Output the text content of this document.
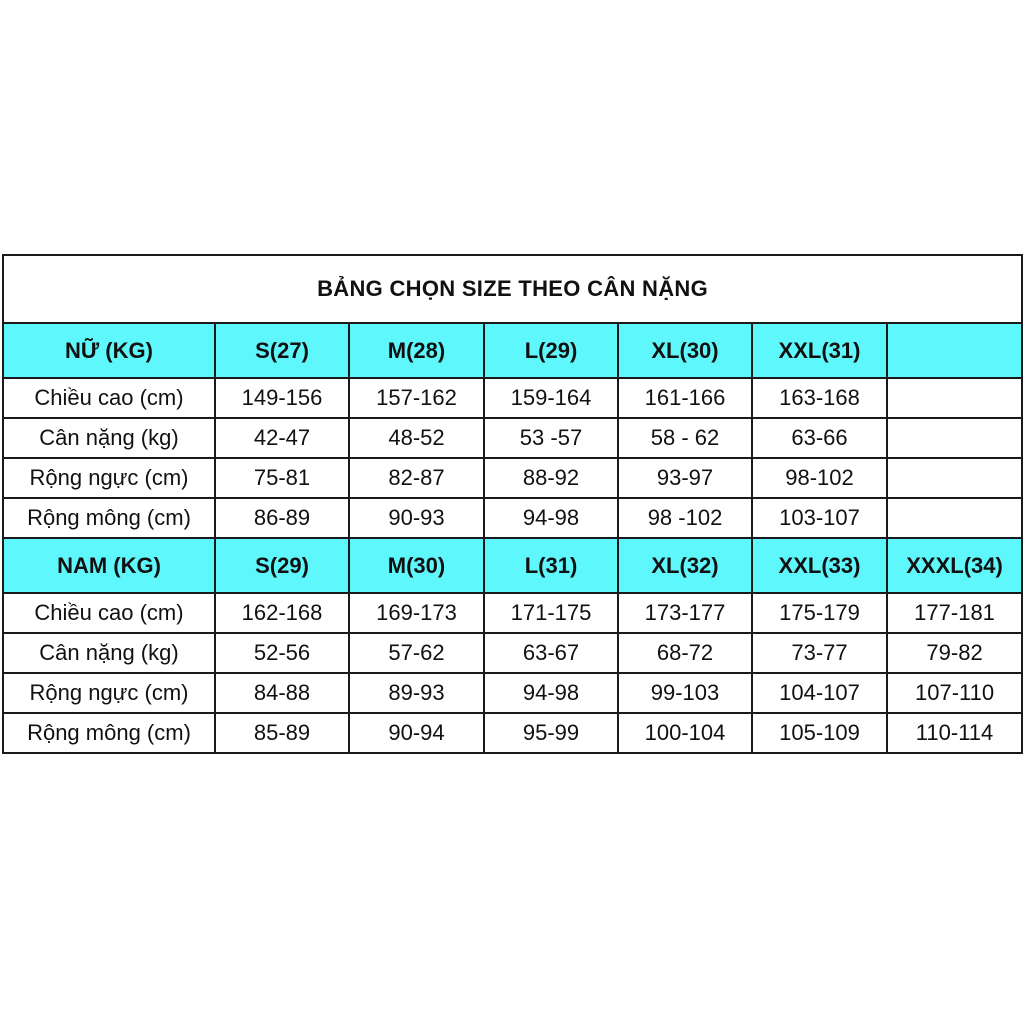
BẢNG CHỌN SIZE THEO CÂN NẶNG						
NỮ (KG)	S(27)	M(28)	L(29)	XL(30)	XXL(31)	
Chiều cao (cm)	149-156	157-162	159-164	161-166	163-168	
Cân nặng (kg)	42-47	48-52	53 -57	58 - 62	63-66	
Rộng ngực (cm)	75-81	82-87	88-92	93-97	98-102	
Rộng mông (cm)	86-89	90-93	94-98	98 -102	103-107	
NAM (KG)	S(29)	M(30)	L(31)	XL(32)	XXL(33)	XXXL(34)
Chiều cao (cm)	162-168	169-173	171-175	173-177	175-179	177-181
Cân nặng (kg)	52-56	57-62	63-67	68-72	73-77	79-82
Rộng ngực (cm)	84-88	89-93	94-98	99-103	104-107	107-110
Rộng mông (cm)	85-89	90-94	95-99	100-104	105-109	110-114
